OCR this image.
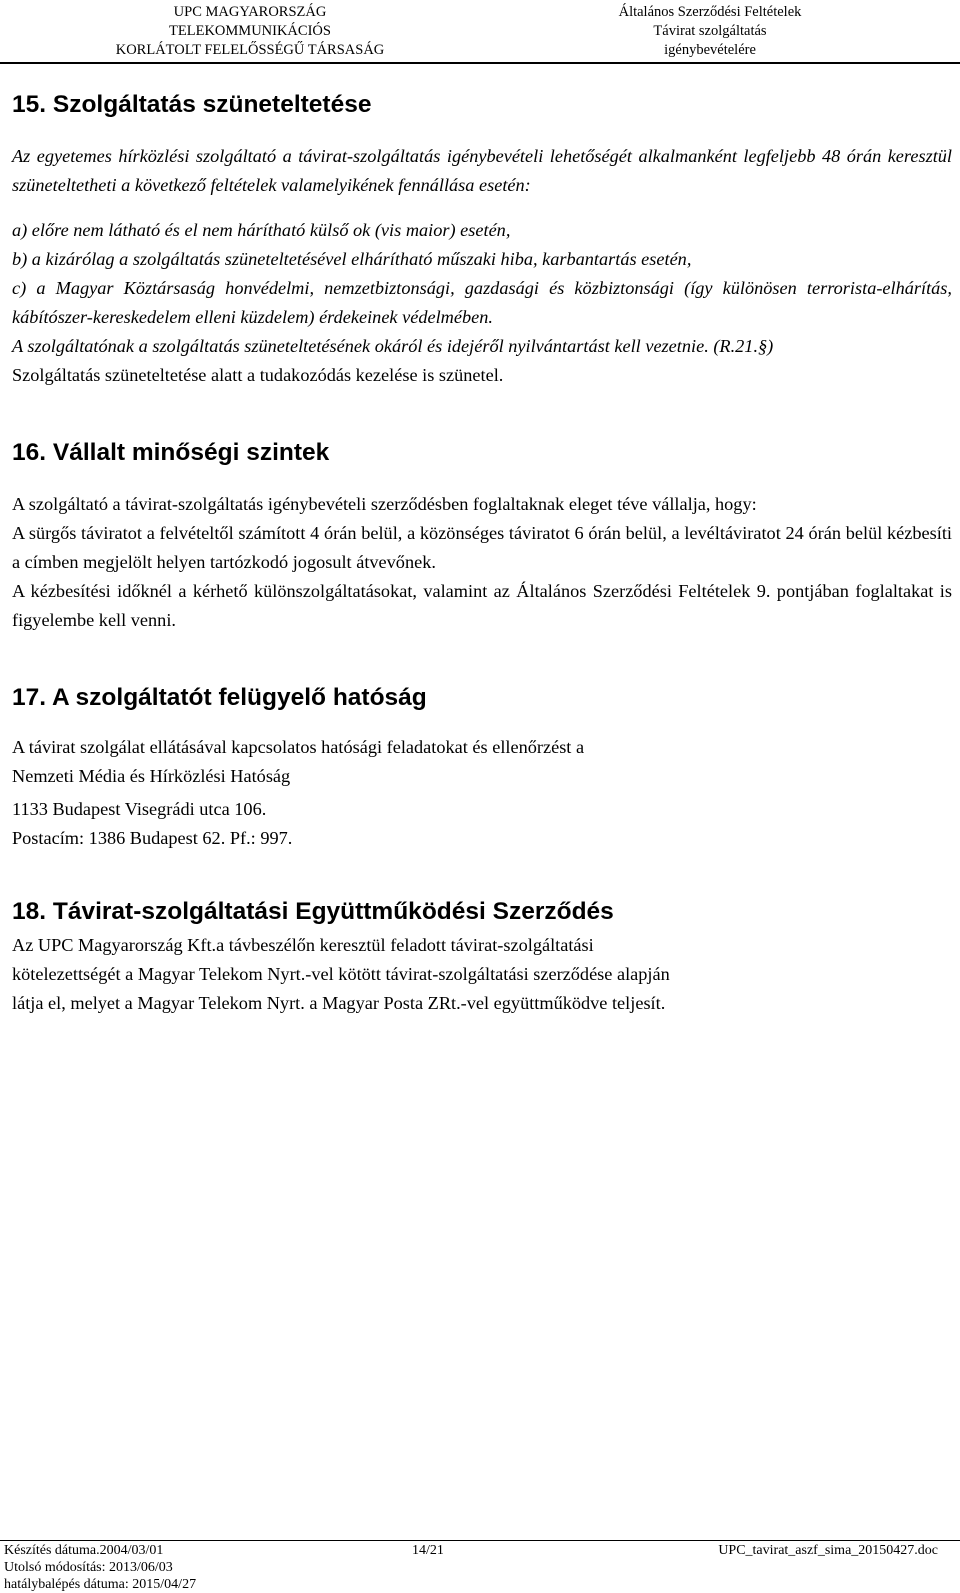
UPC MAGYARORSZÁG
TELEKOMMUNIKÁCIÓS
KORLÁTOLT FELELŐSSÉGŰ TÁRSASÁG
Általános Szerződési Feltételek
Távirat szolgáltatás
igénybevételére
15. Szolgáltatás szüneteltetése

Az egyetemes hírközlési szolgáltató a távirat-szolgáltatás igénybevételi lehetőségét alkalmanként legfeljebb 48 órán keresztül szüneteltetheti a következő feltételek valamelyikének fennállása esetén:

a) előre nem látható és el nem hárítható külső ok (vis maior) esetén,

b) a kizárólag a szolgáltatás szüneteltetésével elhárítható műszaki hiba, karbantartás esetén,

c) a Magyar Köztársaság honvédelmi, nemzetbiztonsági, gazdasági és közbiztonsági (így különösen terrorista-elhárítás, kábítószer-kereskedelem elleni küzdelem) érdekeinek védelmében.

A szolgáltatónak a szolgáltatás szüneteltetésének okáról és idejéről nyilvántartást kell vezetnie. (R.21.§)

Szolgáltatás szüneteltetése alatt a tudakozódás kezelése is szünetel.

16. Vállalt minőségi szintek

A szolgáltató a távirat-szolgáltatás igénybevételi szerződésben foglaltaknak eleget téve vállalja, hogy:

A sürgős táviratot a felvételtől számított 4 órán belül, a közönséges táviratot 6 órán belül, a levéltáviratot 24 órán belül kézbesíti a címben megjelölt helyen tartózkodó jogosult átvevőnek.

A kézbesítési időknél a kérhető különszolgáltatásokat, valamint az Általános Szerződési Feltételek 9. pontjában foglaltakat is figyelembe kell venni.

17. A szolgáltatót felügyelő hatóság

A távirat szolgálat ellátásával kapcsolatos hatósági feladatokat és ellenőrzést a

Nemzeti Média és Hírközlési Hatóság

1133 Budapest Visegrádi utca 106.

Postacím: 1386 Budapest 62. Pf.: 997.

18. Távirat-szolgáltatási Együttműködési Szerződés

Az UPC Magyarország Kft.a távbeszélőn keresztül feladott távirat-szolgáltatási

kötelezettségét a Magyar Telekom Nyrt.-vel kötött távirat-szolgáltatási szerződése alapján

látja el, melyet a Magyar Telekom Nyrt. a Magyar Posta ZRt.-vel együttműködve teljesít.

Készítés dátuma.2004/03/01
Utolsó módosítás: 2013/06/03
hatálybalépés dátuma: 2015/04/27
14/21	UPC_tavirat_aszf_sima_20150427.doc
